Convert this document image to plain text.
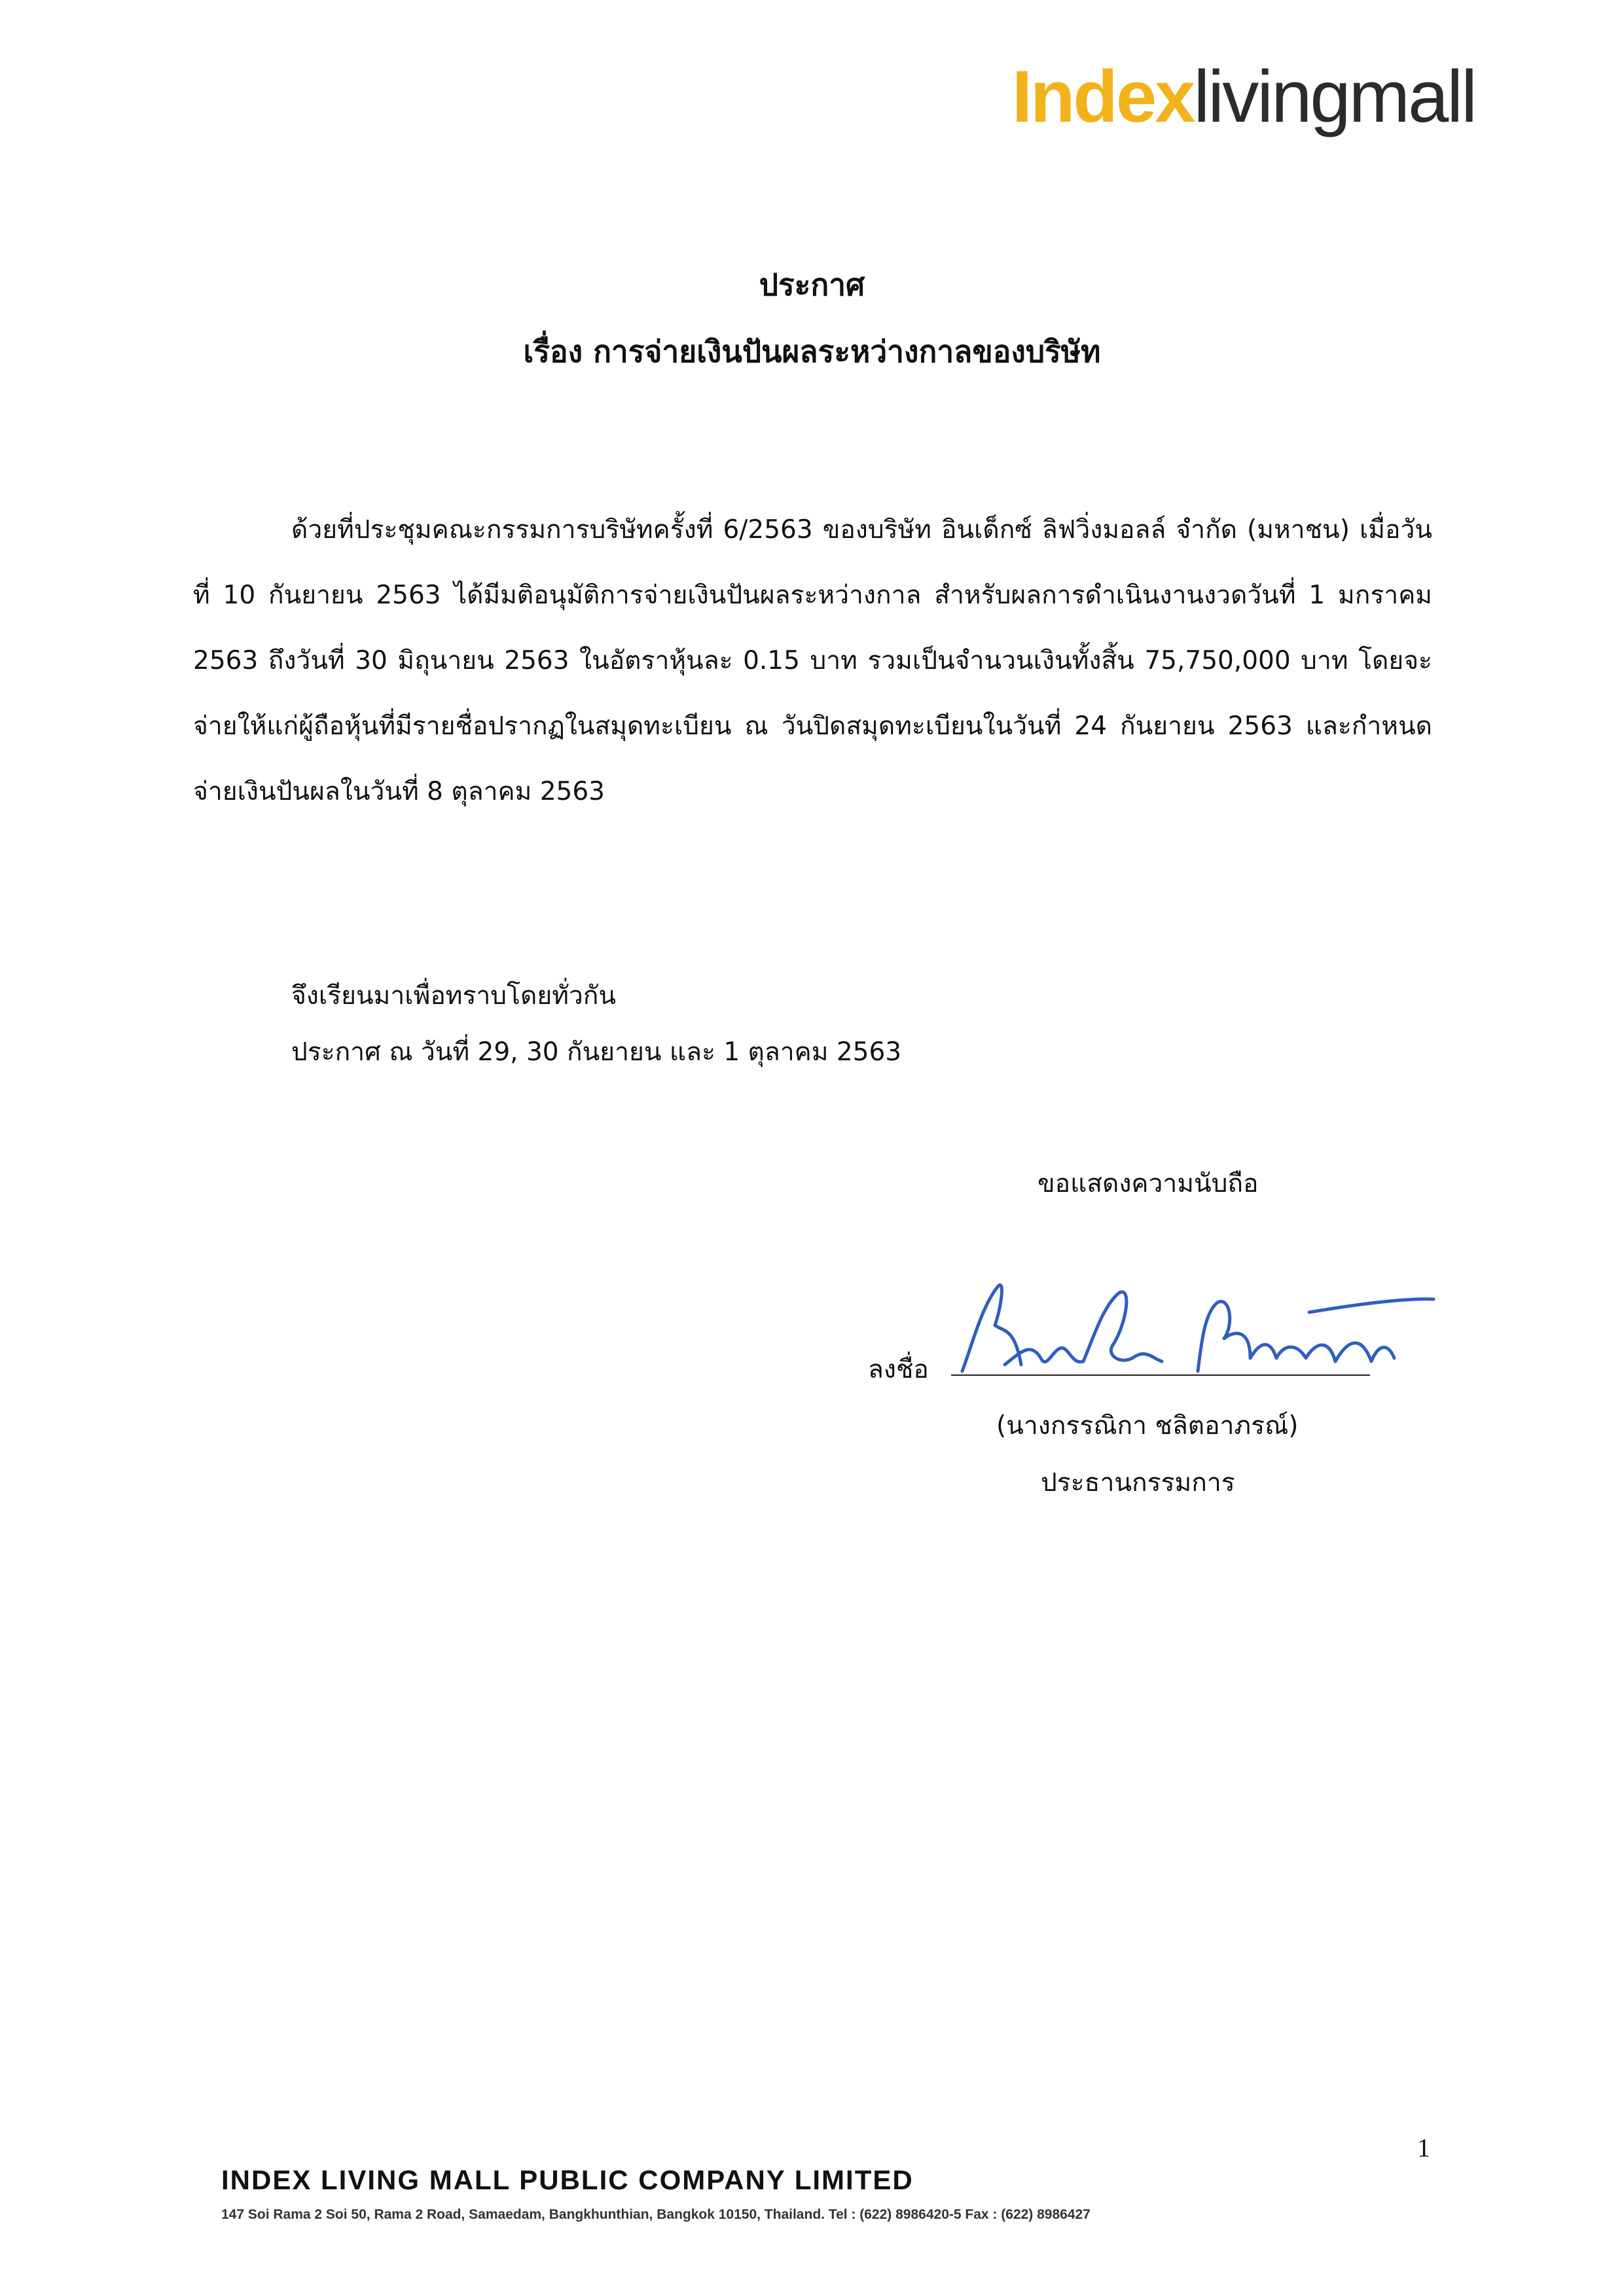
Indexlivingmall
ประกาศ
เรื่อง การจ่ายเงินปันผลระหว่างกาลของบริษัท

ด้วยที่ประชุมคณะกรรมการบริษัทครั้งที่ 6/2563 ของบริษัท อินเด็กซ์ ลิฟวิ่งมอลล์ จำกัด (มหาชน) เมื่อวันที่ 10 กันยายน 2563 ได้มีมติอนุมัติการจ่ายเงินปันผลระหว่างกาล สำหรับผลการดำเนินงานงวดวันที่ 1 มกราคม 2563 ถึงวันที่ 30 มิถุนายน 2563 ในอัตราหุ้นละ 0.15 บาท รวมเป็นจำนวนเงินทั้งสิ้น 75,750,000 บาท โดยจะจ่ายให้แก่ผู้ถือหุ้นที่มีรายชื่อปรากฏในสมุดทะเบียน ณ วันปิดสมุดทะเบียนในวันที่ 24 กันยายน 2563 และกำหนดจ่ายเงินปันผลในวันที่ 8 ตุลาคม 2563

จึงเรียนมาเพื่อทราบโดยทั่วกัน
ประกาศ ณ วันที่ 29, 30 กันยายน และ 1 ตุลาคม 2563
ขอแสดงความนับถือ
ลงชื่อ
(นางกรรณิกา ชลิตอาภรณ์)
ประธานกรรมการ
1
INDEX LIVING MALL PUBLIC COMPANY LIMITED
147 Soi Rama 2 Soi 50, Rama 2 Road, Samaedam, Bangkhunthian, Bangkok 10150, Thailand. Tel : (622) 8986420-5 Fax : (622) 8986427
